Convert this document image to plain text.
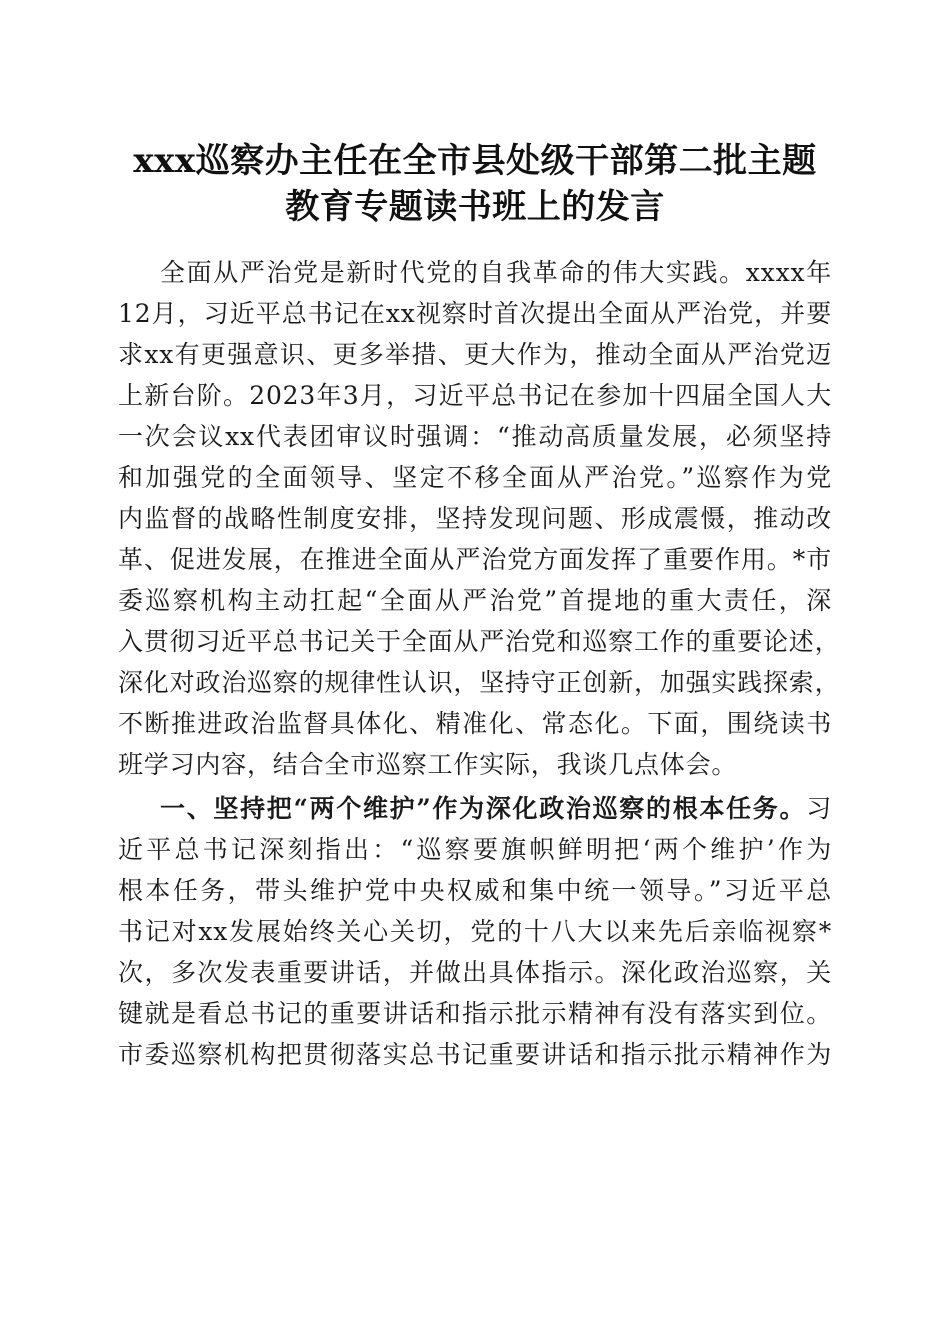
xxx巡察办主任在全市县处级干部第二批主题
教育专题读书班上的发言

全面从严治党是新时代党的自我革命的伟大实践。xxxx年
12月，习近平总书记在xx视察时首次提出全面从严治党，并要
求xx有更强意识、更多举措、更大作为，推动全面从严治党迈
上新台阶。2023年3月，习近平总书记在参加十四届全国人大
一次会议xx代表团审议时强调：“推动高质量发展，必须坚持
和加强党的全面领导、坚定不移全面从严治党。”巡察作为党
内监督的战略性制度安排，坚持发现问题、形成震慑，推动改
革、促进发展，在推进全面从严治党方面发挥了重要作用。*市
委巡察机构主动扛起“全面从严治党”首提地的重大责任，深
入贯彻习近平总书记关于全面从严治党和巡察工作的重要论述，
深化对政治巡察的规律性认识，坚持守正创新，加强实践探索，
不断推进政治监督具体化、精准化、常态化。下面，围绕读书
班学习内容，结合全市巡察工作实际，我谈几点体会。

一、坚持把“两个维护”作为深化政治巡察的根本任务。习
近平总书记深刻指出：“巡察要旗帜鲜明把‘两个维护’作为
根本任务，带头维护党中央权威和集中统一领导。”习近平总
书记对xx发展始终关心关切，党的十八大以来先后亲临视察*
次，多次发表重要讲话，并做出具体指示。深化政治巡察，关
键就是看总书记的重要讲话和指示批示精神有没有落实到位。
市委巡察机构把贯彻落实总书记重要讲话和指示批示精神作为
